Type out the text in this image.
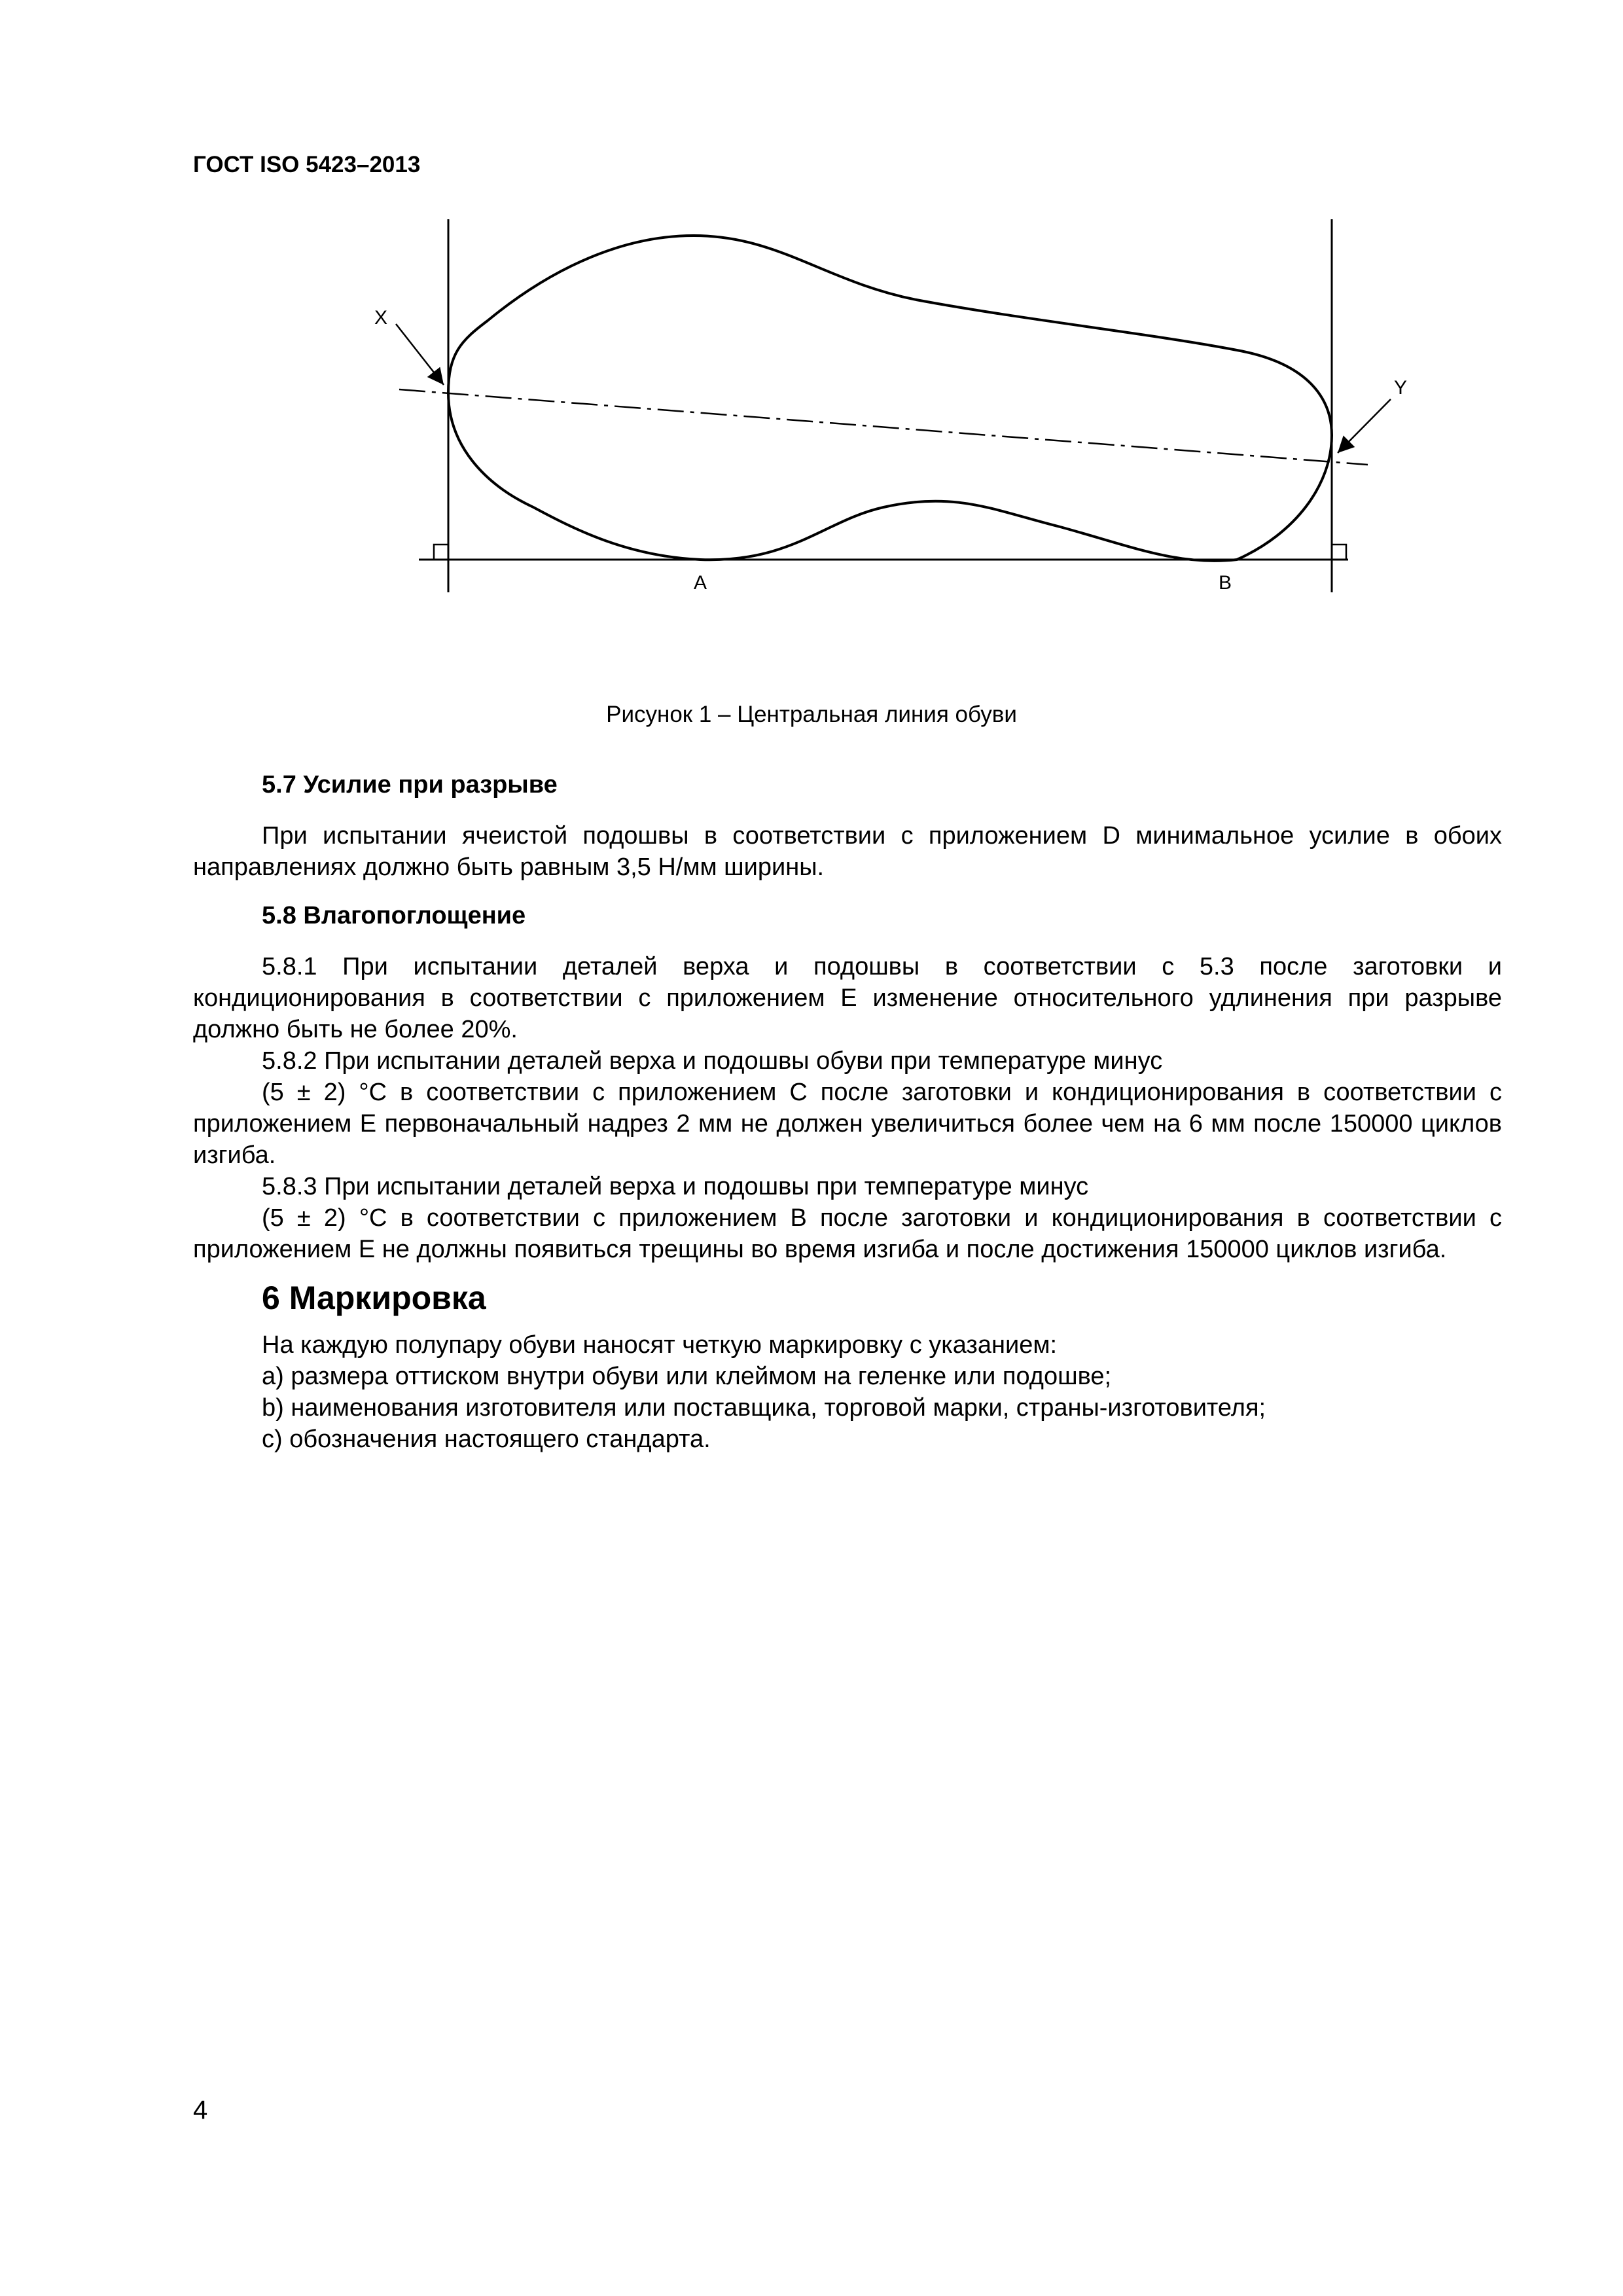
ГОСТ ISO 5423–2013
X
Y
A	B
Рисунок 1 – Центральная линия обуви
5.7 Усилие при разрыве

При испытании ячеистой подошвы в соответствии с приложением D минимальное усилие в обоих направлениях должно быть равным 3,5 Н/мм ширины.

5.8 Влагопоглощение

5.8.1 При испытании деталей верха и подошвы в соответствии с 5.3 после заготовки и кондиционирования в соответствии с приложением Е изменение относительного удлинения при разрыве должно быть не более 20%.

5.8.2 При испытании деталей верха и подошвы обуви при температуре минус

(5 ± 2) °С в соответствии с приложением С после заготовки и кондиционирования в соответствии с приложением Е первоначальный надрез 2 мм не должен увеличиться более чем на 6 мм после 150000 циклов изгиба.

5.8.3 При испытании деталей верха и подошвы при температуре минус

(5 ± 2) °С в соответствии с приложением В после заготовки и кондиционирования в соответствии с приложением Е не должны появиться трещины во время изгиба и после достижения 150000 циклов изгиба.

6 Маркировка
На каждую полупару обуви наносят четкую маркировку с указанием:
а) размера оттиском внутри обуви или клеймом на геленке или подошве;
b) наименования изготовителя или поставщика, торговой марки, страны-изготовителя;
с) обозначения настоящего стандарта.
4
